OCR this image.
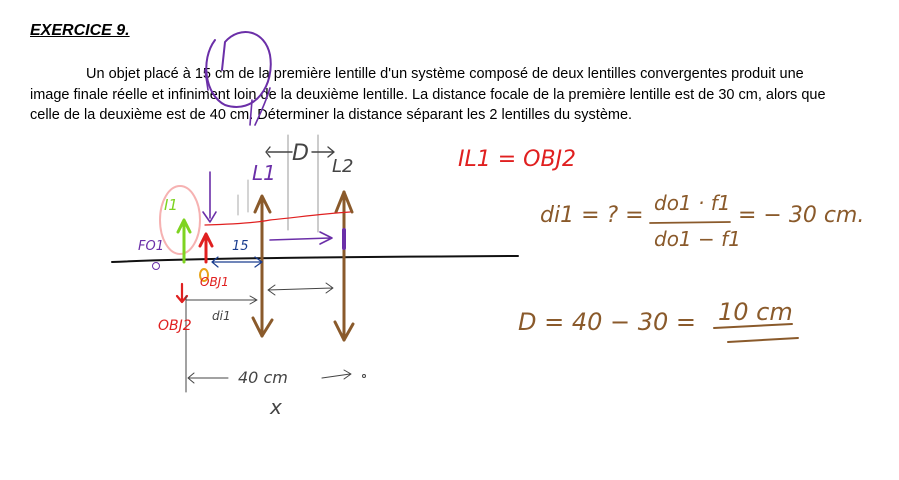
EXERCICE 9.
Un objet placé à 15 cm de la première lentille d'un système composé de deux lentilles convergentes produit une image finale réelle et infiniment loin de la deuxième lentille. La distance focale de la première lentille est de 30 cm, alors que celle de la deuxième est de 40 cm. Déterminer la distance séparant les 2 lentilles du système.
L1	L2
D
I1
FO1
OBJ1
OBJ2
15
di1
40 cm
x
IL1 = OBJ2
di1 = ? = do1 · f1
do1 − f1
= − 30 cm.
D = 40 − 30 = 10 cm
